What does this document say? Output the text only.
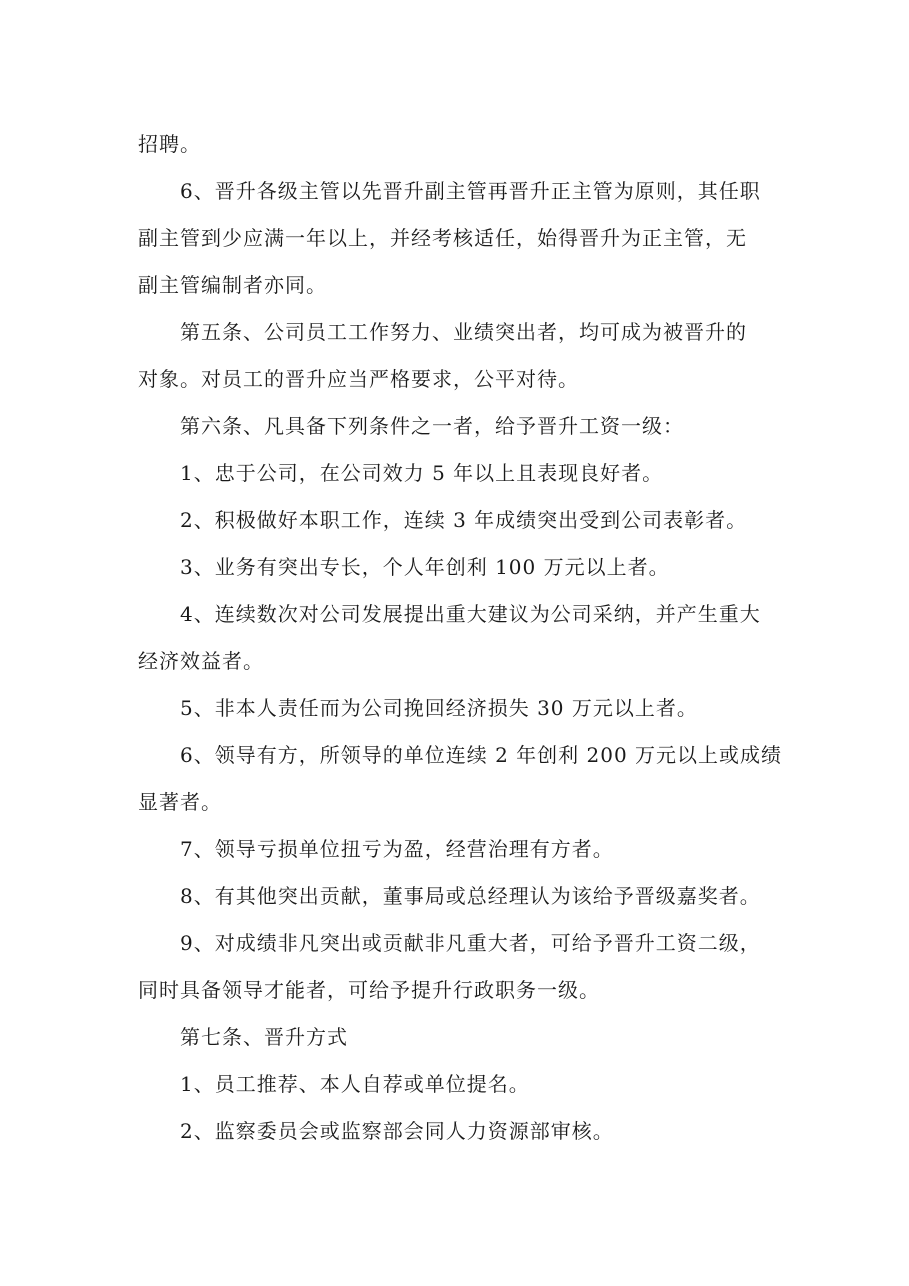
招聘。
6、晋升各级主管以先晋升副主管再晋升正主管为原则，其任职
副主管到少应满一年以上，并经考核适任，始得晋升为正主管，无
副主管编制者亦同。
第五条、公司员工工作努力、业绩突出者，均可成为被晋升的
对象。对员工的晋升应当严格要求，公平对待。
第六条、凡具备下列条件之一者，给予晋升工资一级：
1、忠于公司，在公司效力 5 年以上且表现良好者。
2、积极做好本职工作，连续 3 年成绩突出受到公司表彰者。
3、业务有突出专长，个人年创利 100 万元以上者。
4、连续数次对公司发展提出重大建议为公司采纳，并产生重大
经济效益者。
5、非本人责任而为公司挽回经济损失 30 万元以上者。
6、领导有方，所领导的单位连续 2 年创利 200 万元以上或成绩
显著者。
7、领导亏损单位扭亏为盈，经营治理有方者。
8、有其他突出贡献，董事局或总经理认为该给予晋级嘉奖者。
9、对成绩非凡突出或贡献非凡重大者，可给予晋升工资二级，
同时具备领导才能者，可给予提升行政职务一级。
第七条、晋升方式
1、员工推荐、本人自荐或单位提名。
2、监察委员会或监察部会同人力资源部审核。
